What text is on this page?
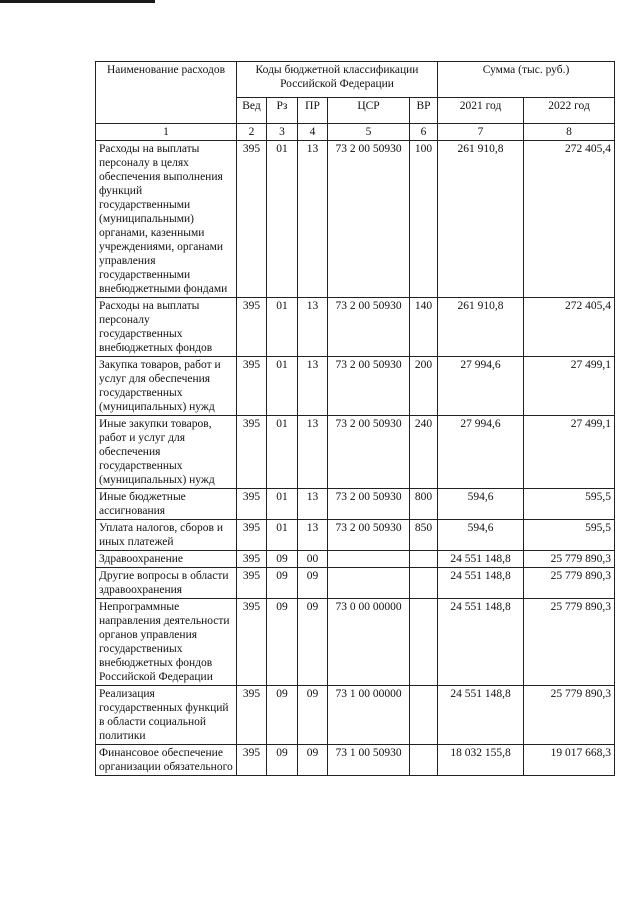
Наименование расходов	Коды бюджетной классификации Российской Федерации					Сумма (тыс. руб.)	
	Вед	Рз	ПР	ЦСР	ВР	2021 год	2022 год
1	2	3	4	5	6	7	8
Расходы на выплаты персоналу в целях обеспечения выполнения функций государственными (муниципальными) органами, казенными учреждениями, органами управления государственными внебюджетными фондами	395	01	13	73 2 00 50930	100	261 910,8	272 405,4
Расходы на выплаты персоналу государственных внебюджетных фондов	395	01	13	73 2 00 50930	140	261 910,8	272 405,4
Закупка товаров, работ и услуг для обеспечения государственных (муниципальных) нужд	395	01	13	73 2 00 50930	200	27 994,6	27 499,1
Иные закупки товаров, работ и услуг для обеспечения государственных (муниципальных) нужд	395	01	13	73 2 00 50930	240	27 994,6	27 499,1
Иные бюджетные ассигнования	395	01	13	73 2 00 50930	800	594,6	595,5
Уплата налогов, сборов и иных платежей	395	01	13	73 2 00 50930	850	594,6	595,5
Здравоохранение	395	09	00			24 551 148,8	25 779 890,3
Другие вопросы в области здравоохранения	395	09	09			24 551 148,8	25 779 890,3
Непрограммные направления деятельности органов управления государствениых внебюджетных фондов Российской Федерации	395	09	09	73 0 00 00000		24 551 148,8	25 779 890,3
Реализация государственных функций в области социальной политики	395	09	09	73 1 00 00000		24 551 148,8	25 779 890,3
Финансовое обеспечение организации обязательного	395	09	09	73 1 00 50930		18 032 155,8	19 017 668,3
